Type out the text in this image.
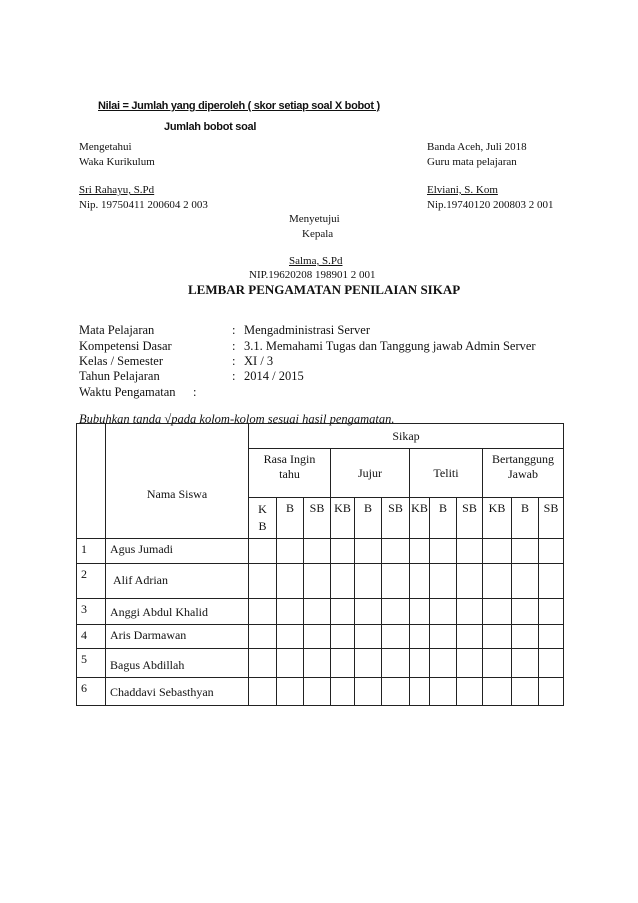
Nilai = Jumlah yang diperoleh ( skor setiap soal X bobot )
Jumlah bobot soal
Mengetahui
Waka Kurikulum
Sri Rahayu, S.Pd
Nip. 19750411 200604 2 003
Banda Aceh, Juli 2018
Guru mata pelajaran
Elviani, S. Kom
Nip.19740120 200803 2 001
Menyetujui
Kepala
Salma, S.Pd
NIP.19620208 198901 2 001
LEMBAR PENGAMATAN PENILAIAN SIKAP
Mata Pelajaran	: Mengadministrasi Server
Kompetensi Dasar	: 3.1. Memahami Tugas dan Tanggung jawab Admin Server
Kelas / Semester	: XI / 3
Tahun Pelajaran	: 2014 / 2015
Waktu Pengamatan :
Bubuhkan tanda √pada kolom-kolom sesuai hasil pengamatan.
	Nama Siswa	Sikap											
		Rasa Ingin tahu			Jujur			Teliti			Bertanggung Jawab		
		K B	B	SB	KB	B	SB	KB	B	SB	KB	B	SB
1	Agus Jumadi												
2	Alif Adrian												
3	Anggi Abdul Khalid												
4	Aris Darmawan												
5	Bagus Abdillah												
6	Chaddavi Sebasthyan												
